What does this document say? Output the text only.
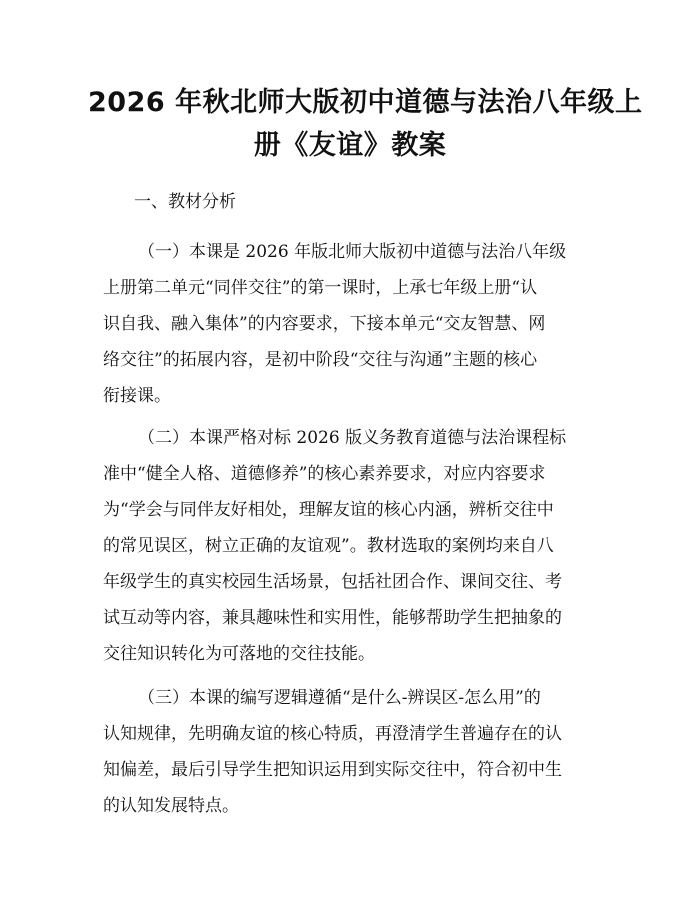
2026 年秋北师大版初中道德与法治八年级上
册《友谊》教案
一、教材分析
（一）本课是 2026 年版北师大版初中道德与法治八年级
上册第二单元“同伴交往”的第一课时，上承七年级上册“认
识自我、融入集体”的内容要求，下接本单元“交友智慧、网
络交往”的拓展内容，是初中阶段“交往与沟通”主题的核心
衔接课。
（二）本课严格对标 2026 版义务教育道德与法治课程标
准中“健全人格、道德修养”的核心素养要求，对应内容要求
为“学会与同伴友好相处，理解友谊的核心内涵，辨析交往中
的常见误区，树立正确的友谊观”。教材选取的案例均来自八
年级学生的真实校园生活场景，包括社团合作、课间交往、考
试互动等内容，兼具趣味性和实用性，能够帮助学生把抽象的
交往知识转化为可落地的交往技能。
（三）本课的编写逻辑遵循“是什么-辨误区-怎么用”的
认知规律，先明确友谊的核心特质，再澄清学生普遍存在的认
知偏差，最后引导学生把知识运用到实际交往中，符合初中生
的认知发展特点。
